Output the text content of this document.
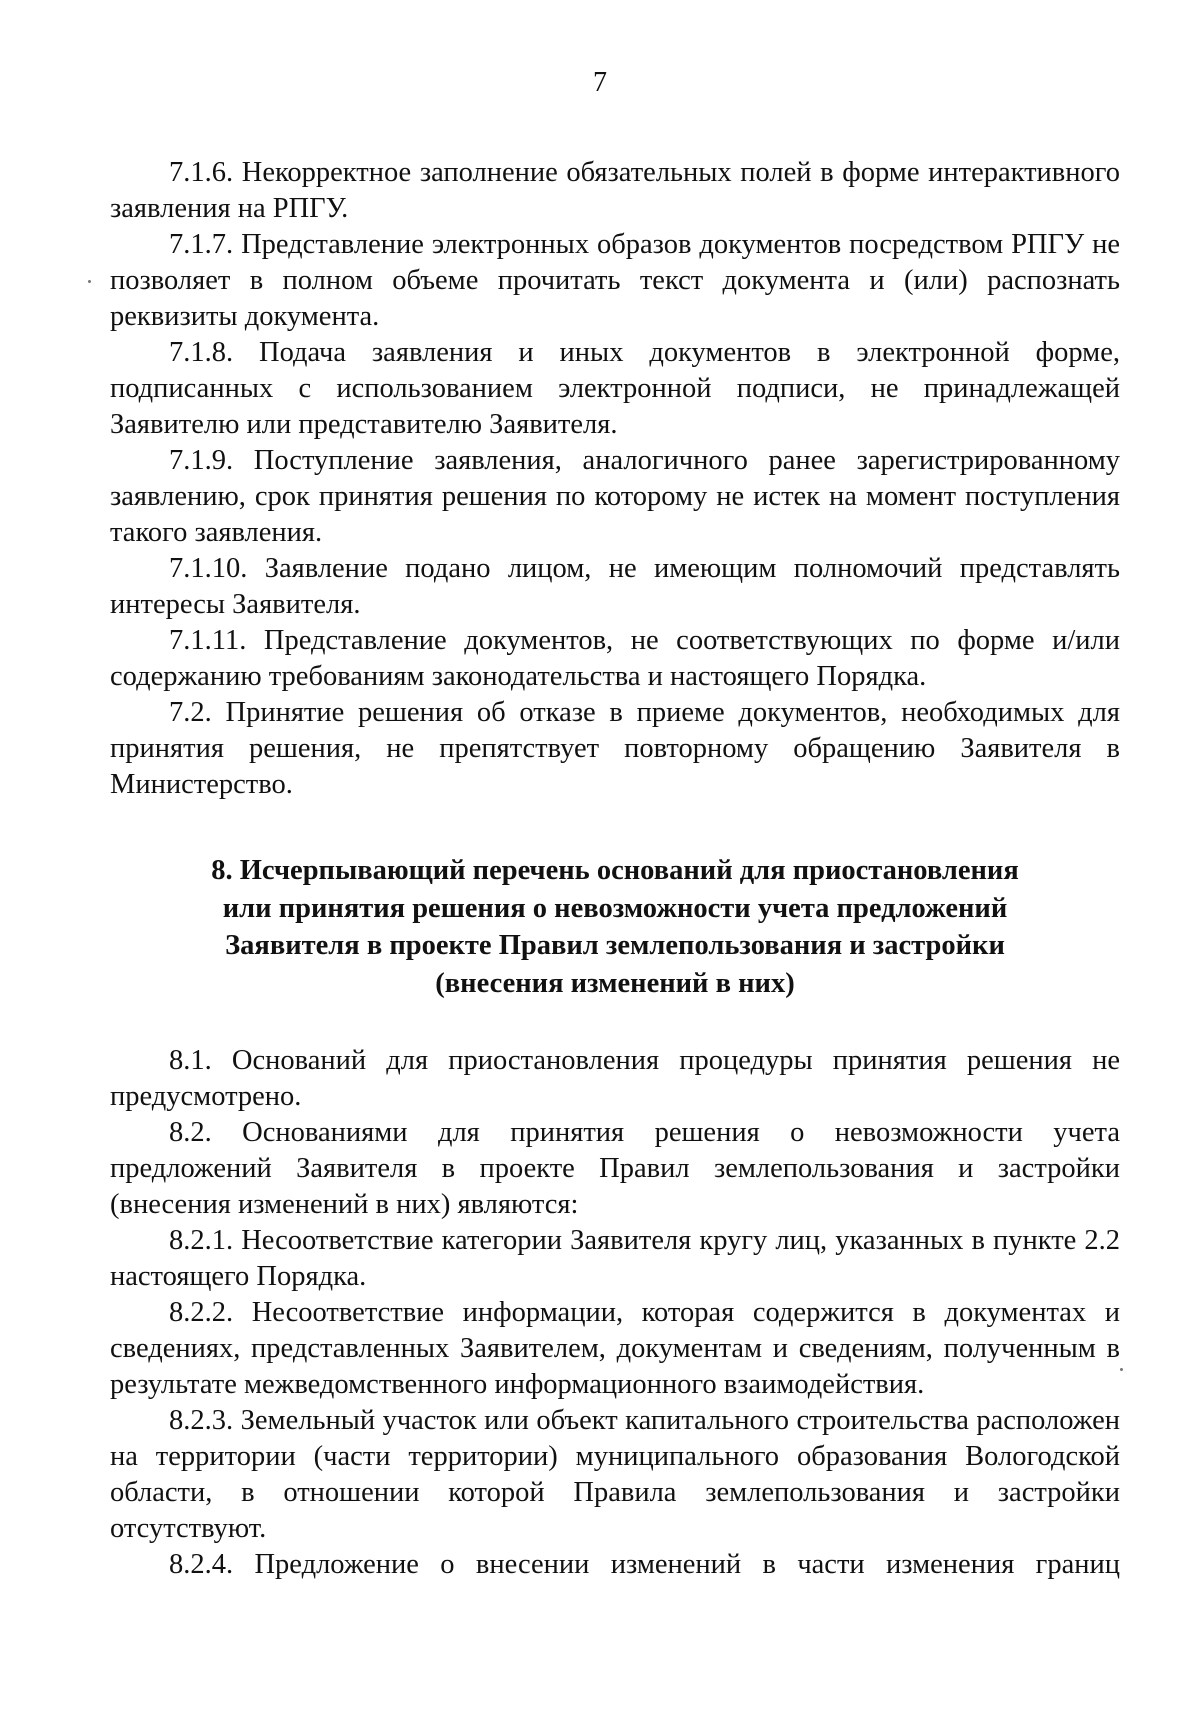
7

7.1.6. Некорректное заполнение обязательных полей в форме интерактивного заявления на РПГУ.

7.1.7. Представление электронных образов документов посредством РПГУ не позволяет в полном объеме прочитать текст документа и (или) распознать реквизиты документа.

7.1.8. Подача заявления и иных документов в электронной форме, подписанных с использованием электронной подписи, не принадлежащей Заявителю или представителю Заявителя.

7.1.9. Поступление заявления, аналогичного ранее зарегистрированному заявлению, срок принятия решения по которому не истек на момент поступления такого заявления.

7.1.10. Заявление подано лицом, не имеющим полномочий представлять интересы Заявителя.

7.1.11. Представление документов, не соответствующих по форме и/или содержанию требованиям законодательства и настоящего Порядка.

7.2. Принятие решения об отказе в приеме документов, необходимых для принятия решения, не препятствует повторному обращению Заявителя в Министерство.

8. Исчерпывающий перечень оснований для приостановления
или принятия решения о невозможности учета предложений
Заявителя в проекте Правил землепользования и застройки
(внесения изменений в них)

8.1. Оснований для приостановления процедуры принятия решения не предусмотрено.

8.2. Основаниями для принятия решения о невозможности учета предложений Заявителя в проекте Правил землепользования и застройки (внесения изменений в них) являются:

8.2.1. Несоответствие категории Заявителя кругу лиц, указанных в пункте 2.2 настоящего Порядка.

8.2.2. Несоответствие информации, которая содержится в документах и сведениях, представленных Заявителем, документам и сведениям, полученным в результате межведомственного информационного взаимодействия.

8.2.3. Земельный участок или объект капитального строительства расположен на территории (части территории) муниципального образования Вологодской области, в отношении которой Правила землепользования и застройки отсутствуют.

8.2.4. Предложение о внесении изменений в части изменения границ
